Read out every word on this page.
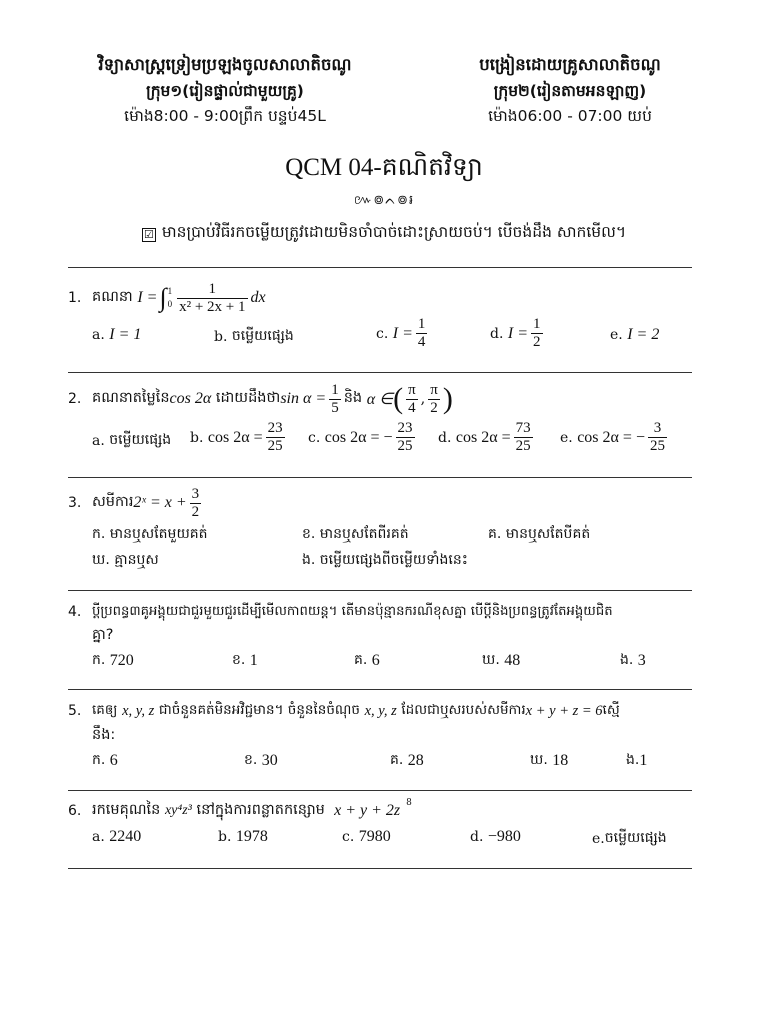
វិទ្យាសាស្ត្រទ្រៀមប្រឡងចូលសាលាតិចណូ
ក្រុម១(រៀនផ្ទាល់ជាមួយគ្រូ)
ម៉ោង8:00 - 9:00ព្រឹក បន្ទប់45L
បង្រៀនដោយគ្រូសាលាតិចណូ
ក្រុម២(រៀនតាមអនឡាញ)
ម៉ោង06:00 - 07:00 យប់
QCM 04-គណិតវិទ្យា
៚៙ᨈ៙៛
☑ មានប្រាប់វិធីរកចម្លើយត្រូវដោយមិនចាំបាច់ដោះស្រាយចប់។ បើចង់ដឹង សាកមើល។
1. គណនា
I = ∫ 1
$0 \frac{1}{\text{x² + 2x + 1}}$ dx
a.
I = 1	b.
ចម្លើយផ្សេង	c.
$I = \frac{1}{4}$	d.
$I = \frac{1}{2}$	e.
I = 2
2. គណនាតម្លៃនៃ cos 2α
ដោយដឹងថា $\sin \alpha = \frac{1}{5}$ និង
α ∈ ( $\frac{\pi}{4}$ , $\frac{\pi}{2}$ )
a.
ចម្លើយផ្សេង b.
$\cos 2\alpha = \frac{23}{25} c$.
cos 2α = − $\frac{23}{25} d$.
$\cos 2\alpha = \frac{73}{25} e$.
cos 2α = − $\frac{3}{25}$
3. សមីការ 2ˣ = $x + \frac{3}{2}$
ក.
មានឬសតែមួយគត់	ខ.
មានឬសតែពីរគត់	គ.
មានឬសតែបីគត់
ឃ.
គ្មានឬស	ង.
ចម្លើយផ្សេងពីចម្លើយទាំងនេះ
4. ប្តីប្រពន្ធ៣គូអង្គុយជាជួរមួយជួរដើម្បីមើលកាពយន្ត។ តើមានប៉ុន្មានករណីខុសគ្នា បើប្តីនិងប្រពន្ធត្រូវតែអង្គុយជិត
គ្នា?
ក.
720	ខ.
1	គ.
6	ឃ.
48	ង.
3
5. គេឲ្យ
x, y, z
ជាចំនួនគត់មិនអវិជ្ជមាន។ ចំនួននៃចំណុច
x, y, z
ដែលជាឬសរបស់សមីការ x + y + z = 6 ស្មើ
នឹង:
ក.
6	ខ.
30	គ.
28	ឃ.
18	ង. 1
6. រកមេគុណនៃ
xy⁴z³
នៅក្នុងការពន្លាតកន្សោម
x + y + 2z $^8$
a.
2240	b.
1978	c.
7980	d.
−980	e. ចម្លើយផ្សេង
